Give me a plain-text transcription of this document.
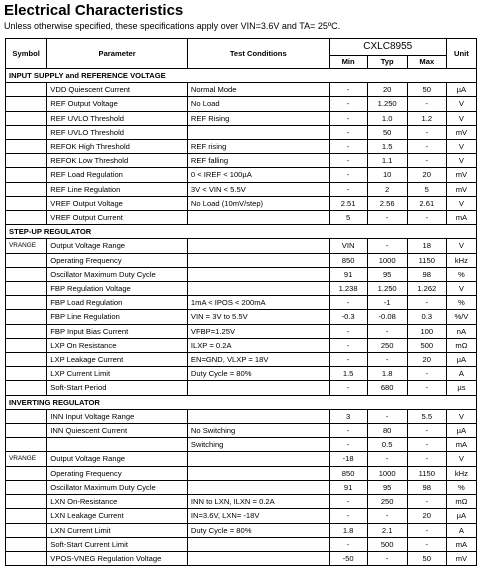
Electrical Characteristics
Unless otherwise specified, these specifications apply over VIN=3.6V and TA= 25ºC.
Symbol	Parameter	Test Conditions	CXLC8955			Unit
			Min	Typ	Max	
INPUT SUPPLY and REFERENCE VOLTAGE						
	VDD Quiescent Current	Normal Mode	-	20	50	µA
	REF Output Voltage	No Load	-	1.250	-	V
	REF UVLO Threshold	REF Rising	-	1.0	1.2	V
	REF UVLO Threshold		-	50	-	mV
	REFOK High Threshold	REF rising	-	1.5	-	V
	REFOK Low Threshold	REF falling	-	1.1	-	V
	REF Load Regulation	0 < IREF < 100µA	-	10	20	mV
	REF Line Regulation	3V < VIN < 5.5V	-	2	5	mV
	VREF Output Voltage	No Load (10mV/step)	2.51	2.56	2.61	V
	VREF Output Current		5	-	-	mA
STEP-UP REGULATOR						
VRANGE	Output Voltage Range		VIN	-	18	V
	Operating Frequency		850	1000	1150	kHz
	Oscillator Maximum Duty Cycle		91	95	98	%
	FBP Regulation Voltage		1.238	1.250	1.262	V
	FBP Load Regulation	1mA < IPOS < 200mA	-	-1	-	%
	FBP Line Regulation	VIN = 3V to 5.5V	-0.3	-0.08	0.3	%/V
	FBP Input Bias Current	VFBP=1.25V	-	-	100	nA
	LXP On Resistance	ILXP = 0.2A	-	250	500	mΩ
	LXP Leakage Current	EN=GND, VLXP = 18V	-	-	20	µA
	LXP Current Limit	Duty Cycle = 80%	1.5	1.8	-	A
	Soft-Start Period		-	680	-	µs
INVERTING REGULATOR						
	INN Input Voltage Range		3	-	5.5	V
	INN Quiescent Current	No Switching	-	80	-	µA
		Switching	-	0.5	-	mA
VRANGE	Output Voltage Range		-18	-	-	V
	Operating Frequency		850	1000	1150	kHz
	Oscillator Maximum Duty Cycle		91	95	98	%
	LXN On-Resistance	INN to LXN, ILXN = 0.2A	-	250	-	mΩ
	LXN Leakage Current	IN=3.6V, LXN= -18V	-	-	20	µA
	LXN Current Limit	Duty Cycle = 80%	1.8	2.1	-	A
	Soft-Start Current Limit		-	500	-	mA
	VPOS-VNEG Regulation Voltage		-50	-	50	mV
